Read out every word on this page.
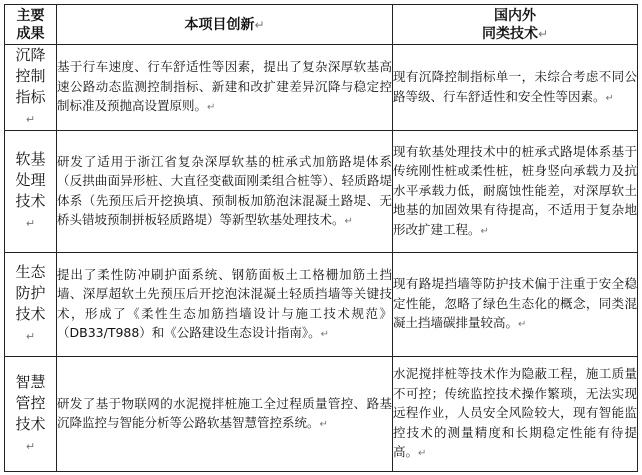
主要成果	本项目创新↵	国内外
同类技术↵

沉降控制指标↵	基于行车速度、行车舒适性等因素，提出了复杂深厚软基高速公路动态监测控制指标、新建和改扩建差异沉降与稳定控制标准及预抛高设置原则。↵	现有沉降控制指标单一，未综合考虑不同公路等级、行车舒适性和安全性等因素。↵

软基处理技术↵	研发了适用于浙江省复杂深厚软基的桩承式加筋路堤体系（反拱曲面异形桩、大直径变截面刚柔组合桩等）、轻质路堤体系（先预压后开挖换填、预制板加筋泡沫混凝土路堤、无桥头错坡预制拼板轻质路堤）等新型软基处理技术。↵	现有软基处理技术中的桩承式路堤体系基于传统刚性桩或柔性桩，桩身竖向承载力及抗水平承载力低，耐腐蚀性能差，对深厚软土地基的加固效果有待提高，不适用于复杂地形改扩建工程。↵

生态防护技术↵	提出了柔性防冲刷护面系统、钢筋面板土工格栅加筋土挡墙、深厚超软土先预压后开挖泡沫混凝土轻质挡墙等关键技术，形成了《柔性生态加筋挡墙设计与施工技术规范》（DB33/T988）和《公路建设生态设计指南》。↵	现有路堤挡墙等防护技术偏于注重于安全稳定性能，忽略了绿色生态化的概念，同类混凝土挡墙碳排量较高。↵

智慧管控技术↵	研发了基于物联网的水泥搅拌桩施工全过程质量管控、路基沉降监控与智能分析等公路软基智慧管控系统。↵	水泥搅拌桩等技术作为隐蔽工程，施工质量不可控；传统监控技术操作繁琐，无法实现远程作业，人员安全风险较大，现有智能监控技术的测量精度和长期稳定性能有待提高。↵
